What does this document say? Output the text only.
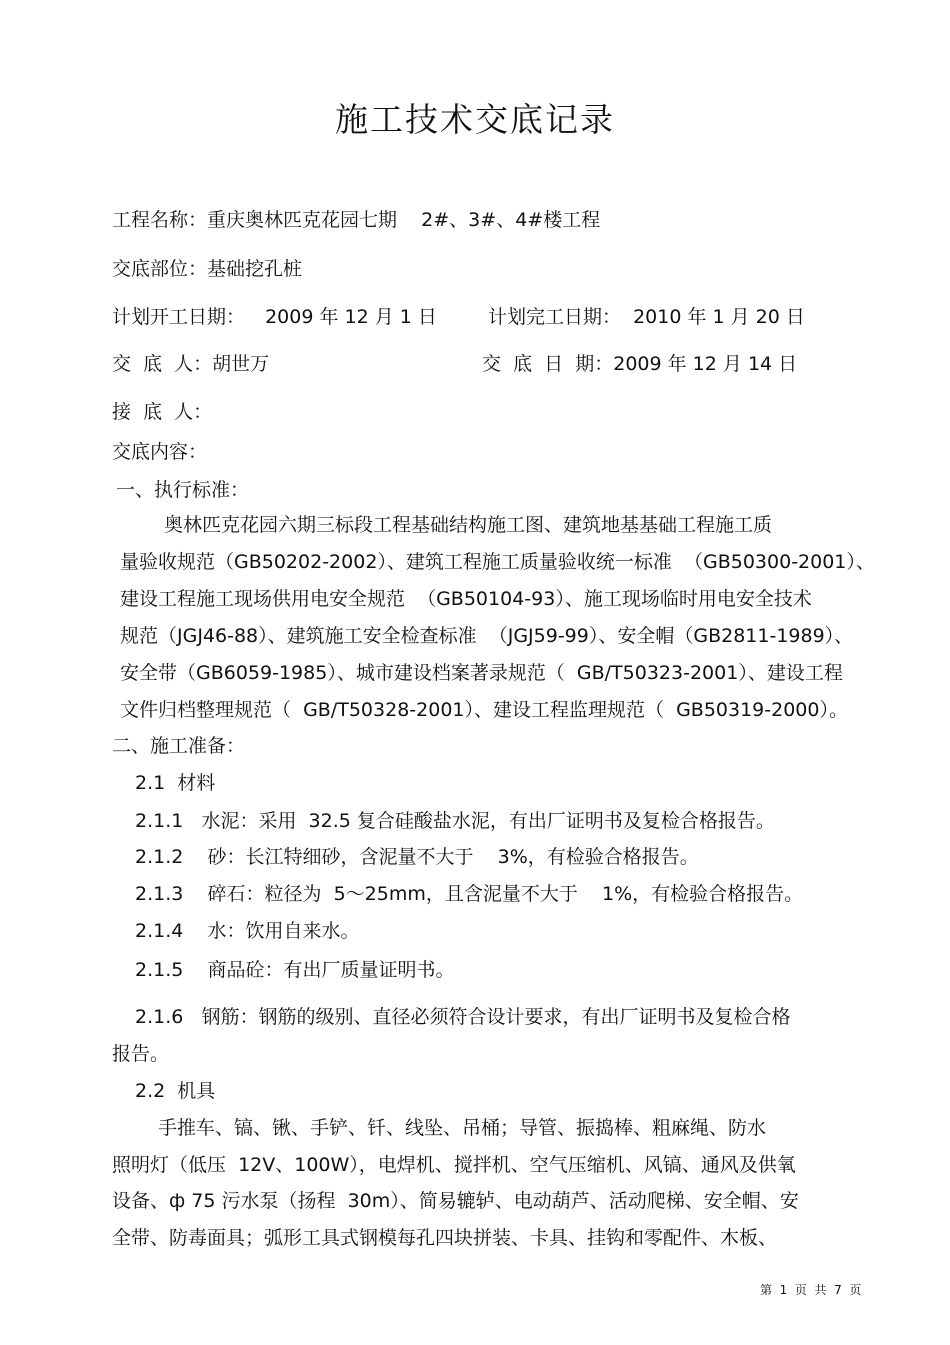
施工技术交底记录
工程名称：重庆奥林匹克花园七期    2#、3#、4#楼工程
交底部位：基础挖孔桩
计划开工日期： 2009 年 12 月 1 日	计划完工日期： 2010 年 1 月 20 日
交  底  人：胡世万	交  底  日  期：2009 年 12 月 14 日
接  底  人：
交底内容：
一、执行标准：
奥林匹克花园六期三标段工程基础结构施工图、建筑地基基础工程施工质
量验收规范（GB50202-2002）、建筑工程施工质量验收统一标准  （GB50300-2001）、
建设工程施工现场供用电安全规范  （GB50104-93）、施工现场临时用电安全技术
规范（JGJ46-88）、建筑施工安全检查标准  （JGJ59-99）、安全帽（GB2811-1989）、
安全带（GB6059-1985）、城市建设档案著录规范（  GB/T50323-2001）、建设工程
文件归档整理规范（  GB/T50328-2001）、建设工程监理规范（  GB50319-2000）。
二、施工准备：
2.1  材料
2.1.1   水泥：采用  32.5 复合硅酸盐水泥，有出厂证明书及复检合格报告。
2.1.2    砂：长江特细砂，含泥量不大于    3%，有检验合格报告。
2.1.3    碎石：粒径为  5～25mm，且含泥量不大于    1%，有检验合格报告。
2.1.4    水：饮用自来水。
2.1.5    商品砼：有出厂质量证明书。
2.1.6   钢筋：钢筋的级别、直径必须符合设计要求，有出厂证明书及复检合格
报告。
2.2  机具
手推车、镐、锹、手铲、钎、线坠、吊桶；导管、振捣棒、粗麻绳、防水
照明灯（低压  12V、100W），电焊机、搅拌机、空气压缩机、风镐、通风及供氧
设备、ф 75 污水泵（扬程  30m）、简易辘轳、电动葫芦、活动爬梯、安全帽、安
全带、防毒面具；弧形工具式钢模每孔四块拼装、卡具、挂钩和零配件、木板、
第  1  页  共  7  页
